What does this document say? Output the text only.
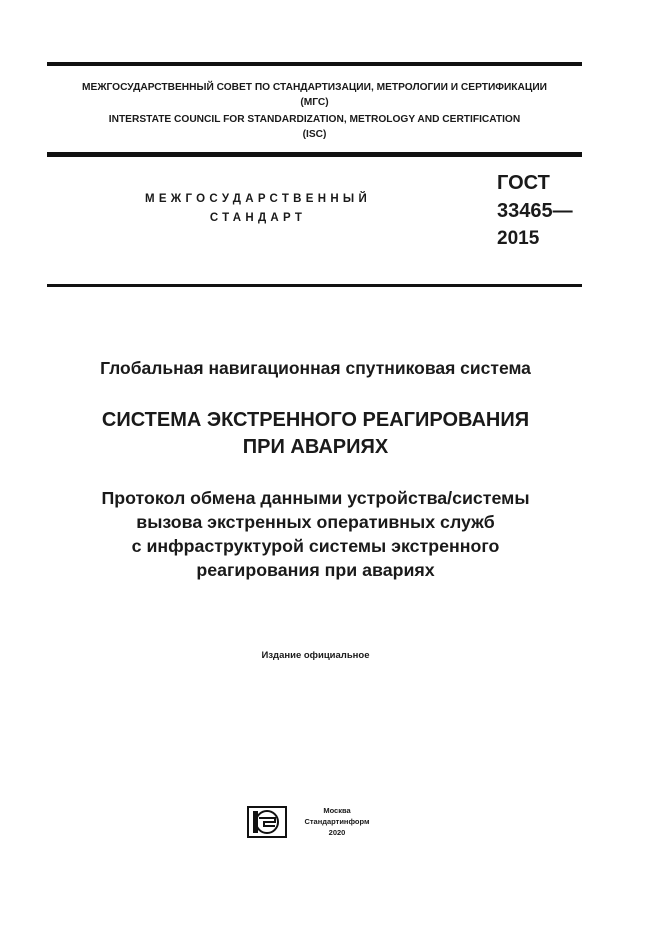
МЕЖГОСУДАРСТВЕННЫЙ СОВЕТ ПО СТАНДАРТИЗАЦИИ, МЕТРОЛОГИИ И СЕРТИФИКАЦИИ
(МГС)
INTERSTATE COUNCIL FOR STANDARDIZATION, METROLOGY AND CERTIFICATION
(ISC)
МЕЖГОСУДАРСТВЕННЫЙ
СТАНДАРТ
ГОСТ
33465—
2015
Глобальная навигационная спутниковая система
СИСТЕМА ЭКСТРЕННОГО РЕАГИРОВАНИЯ
ПРИ АВАРИЯХ
Протокол обмена данными устройства/системы
вызова экстренных оперативных служб
с инфраструктурой системы экстренного
реагирования при авариях
Издание официальное
Москва
Стандартинформ
2020
